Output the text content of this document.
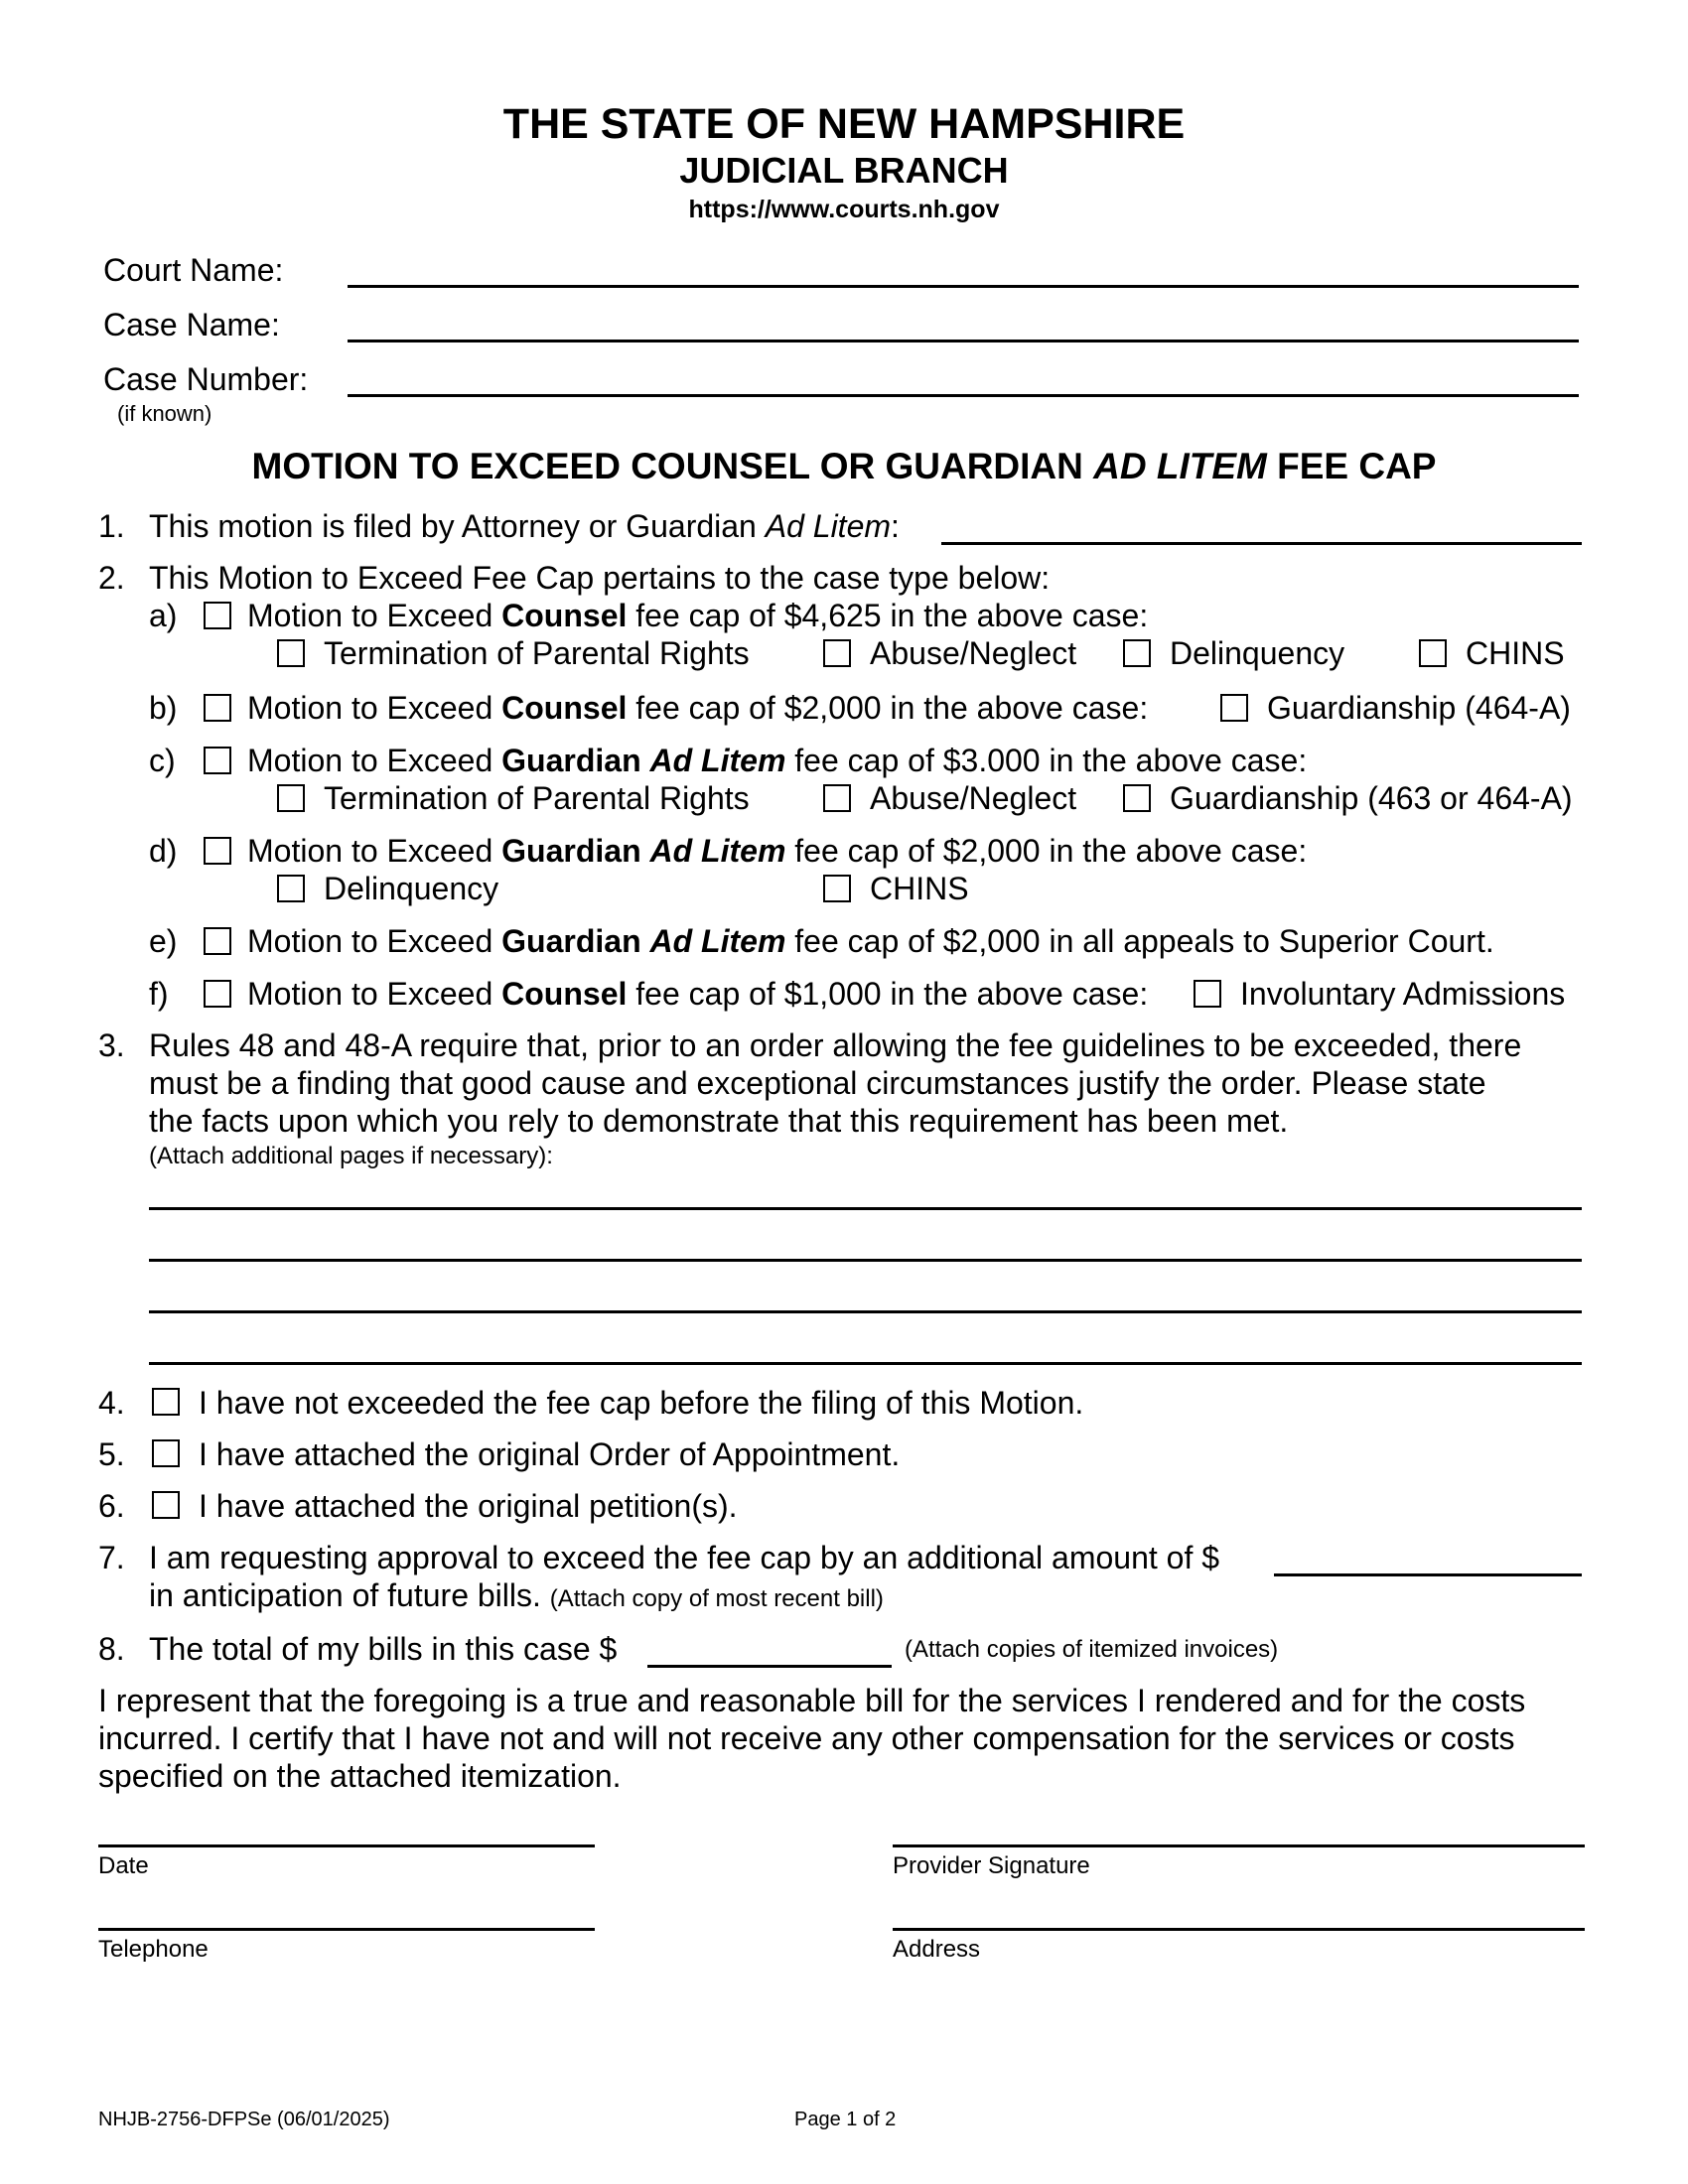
THE STATE OF NEW HAMPSHIRE
JUDICIAL BRANCH
https://www.courts.nh.gov
Court Name:
Case Name:
Case Number:
(if known)
MOTION TO EXCEED COUNSEL OR GUARDIAN AD LITEM FEE CAP
1. This motion is filed by Attorney or Guardian Ad Litem:
2. This Motion to Exceed Fee Cap pertains to the case type below:
a) Motion to Exceed Counsel fee cap of $4,625 in the above case:
Termination of Parental Rights	Abuse/Neglect	Delinquency	CHINS
b) Motion to Exceed Counsel fee cap of $2,000 in the above case:	Guardianship (464-A)
c) Motion to Exceed Guardian Ad Litem fee cap of $3.000 in the above case:
Termination of Parental Rights	Abuse/Neglect	Guardianship (463 or 464-A)
d) Motion to Exceed Guardian Ad Litem fee cap of $2,000 in the above case:
Delinquency	CHINS
e) Motion to Exceed Guardian Ad Litem fee cap of $2,000 in all appeals to Superior Court.
f) Motion to Exceed Counsel fee cap of $1,000 in the above case:	Involuntary Admissions
3. Rules 48 and 48-A require that, prior to an order allowing the fee guidelines to be exceeded, there
must be a finding that good cause and exceptional circumstances justify the order. Please state
the facts upon which you rely to demonstrate that this requirement has been met.
(Attach additional pages if necessary):
4. I have not exceeded the fee cap before the filing of this Motion.
5. I have attached the original Order of Appointment.
6. I have attached the original petition(s).
7. I am requesting approval to exceed the fee cap by an additional amount of $
in anticipation of future bills. (Attach copy of most recent bill)
8. The total of my bills in this case $	(Attach copies of itemized invoices)
I represent that the foregoing is a true and reasonable bill for the services I rendered and for the costs
incurred. I certify that I have not and will not receive any other compensation for the services or costs
specified on the attached itemization.
Date	Provider Signature
Telephone	Address
NHJB-2756-DFPSe (06/01/2025)	Page 1 of 2
